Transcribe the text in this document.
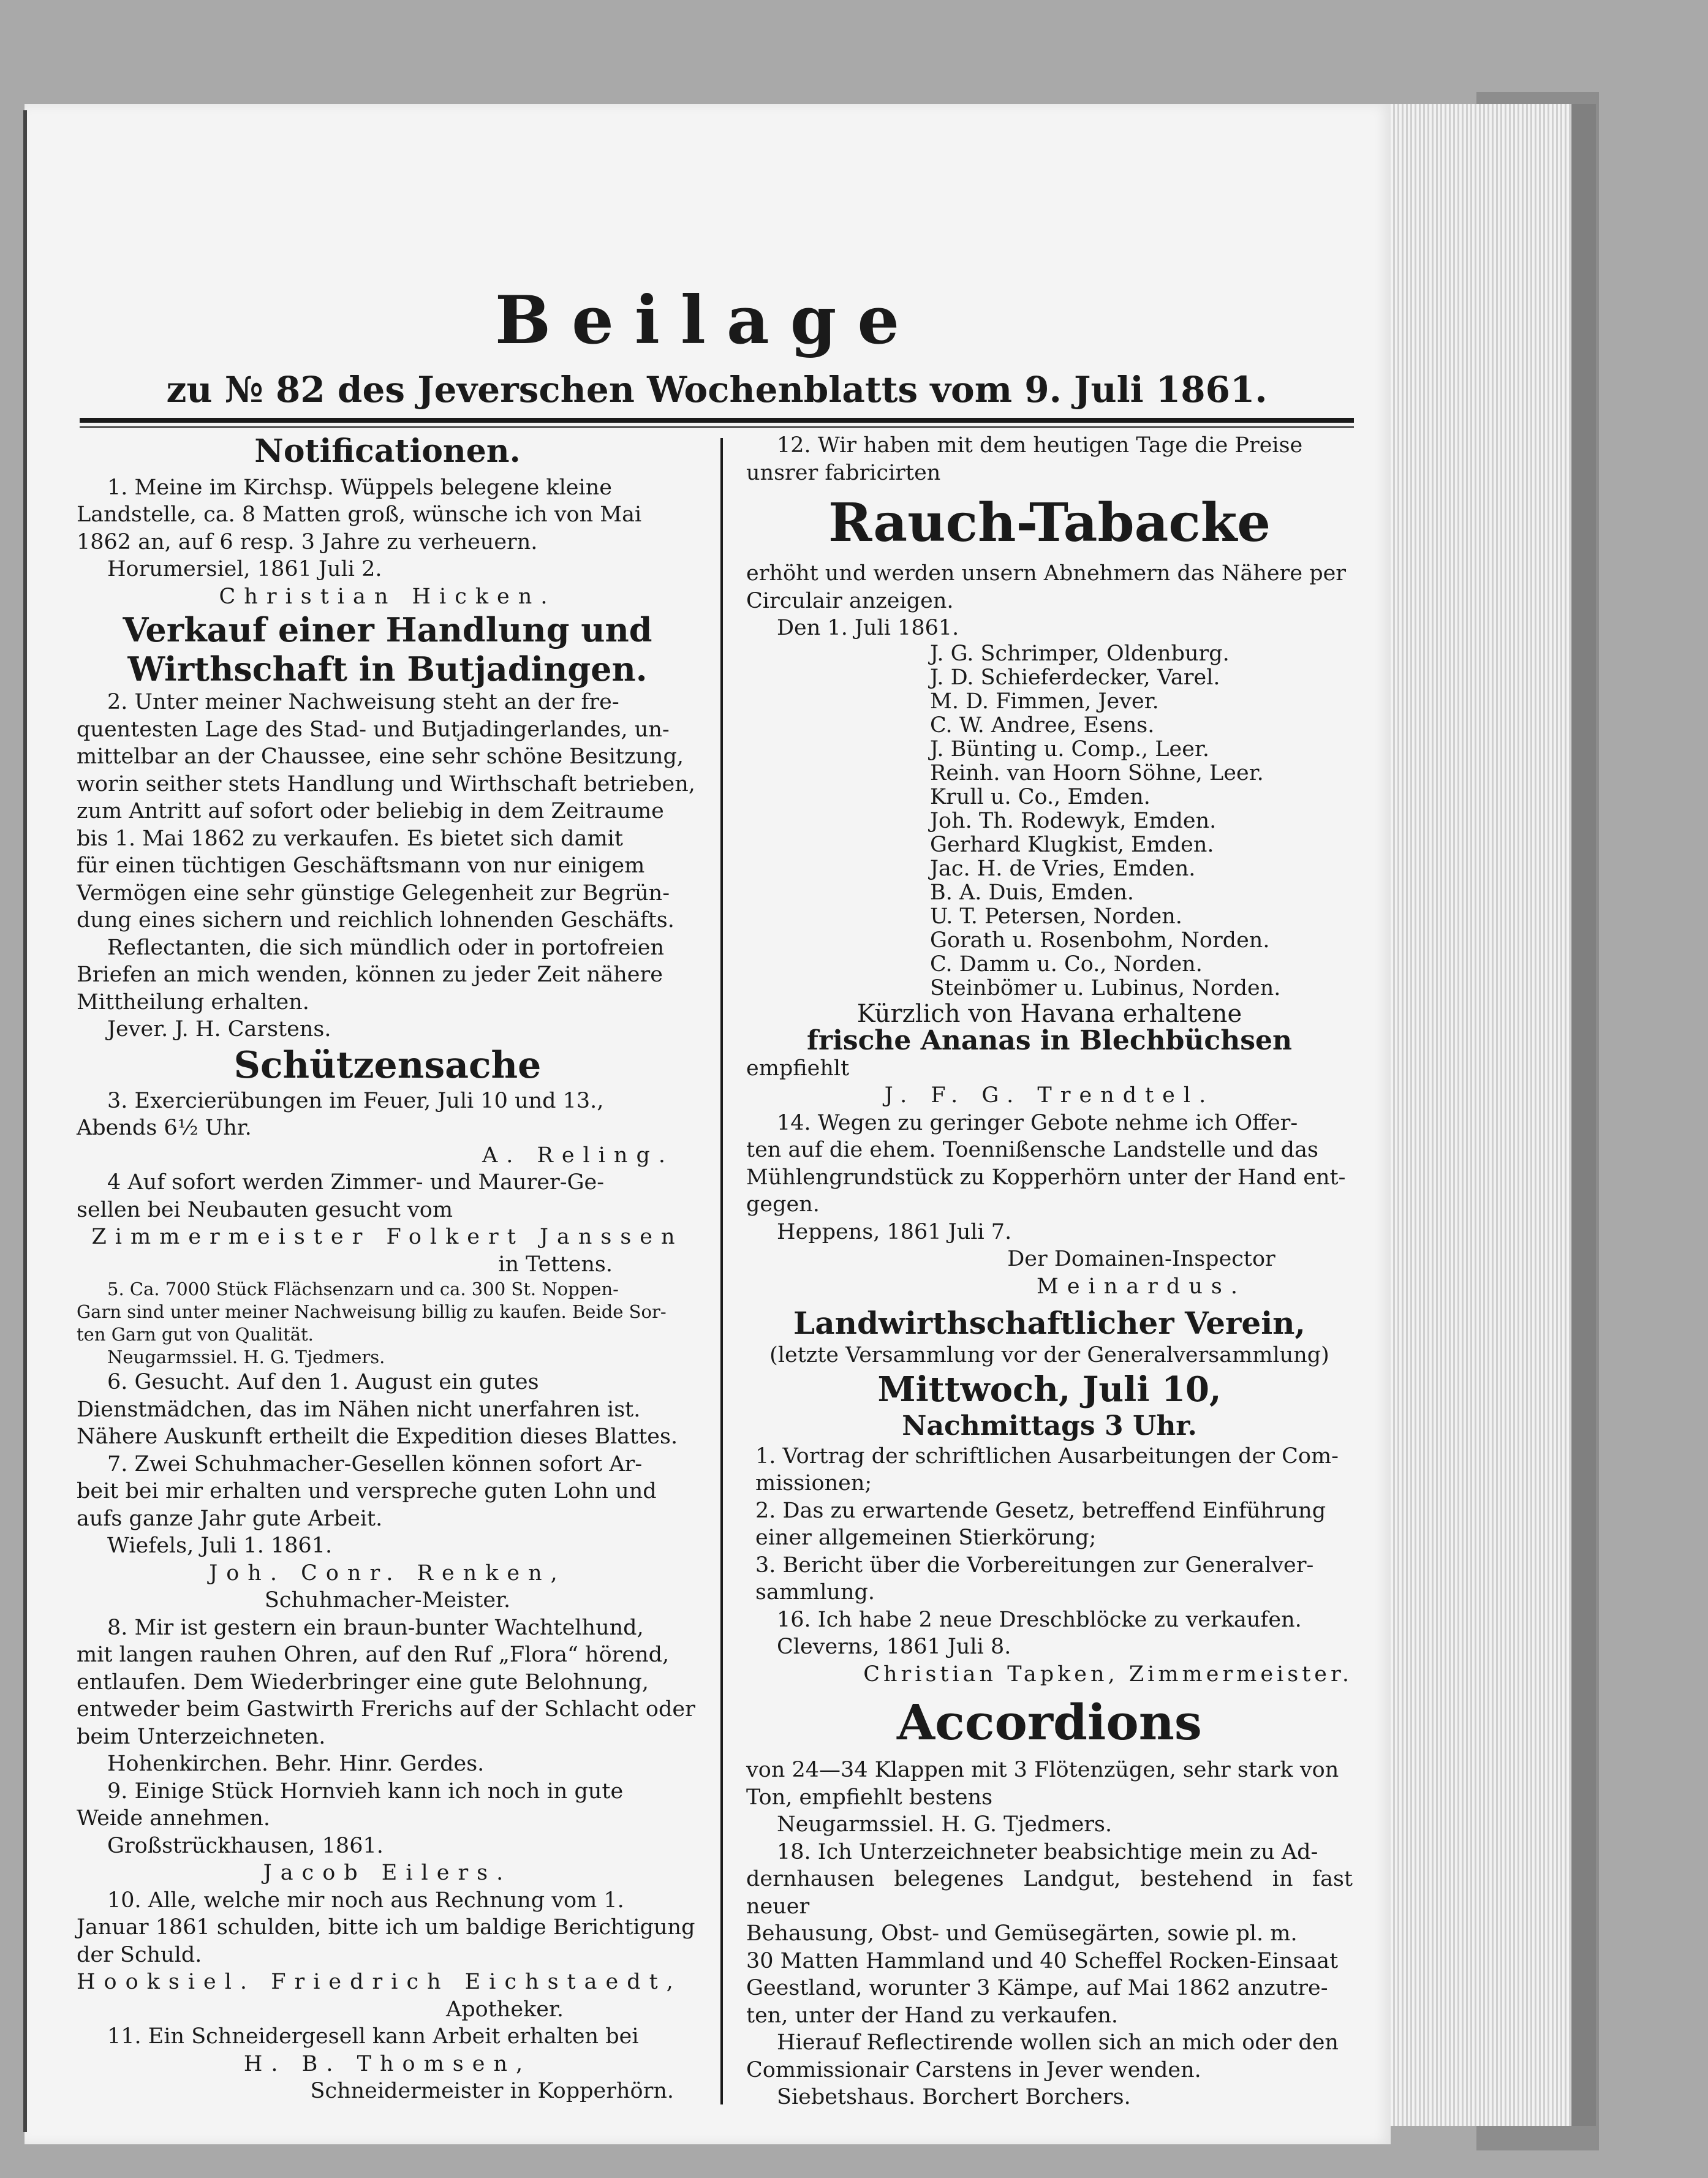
Beilage
zu № 82 des Jeverschen Wochenblatts vom 9. Juli 1861.

Notificationen.

1. Meine im Kirchsp. Wüppels belegene kleine

Landstelle, ca. 8 Matten groß, wünsche ich von Mai

1862 an, auf 6 resp. 3 Jahre zu verheuern.

Horumersiel, 1861 Juli 2.

Christian Hicken.

Verkauf einer Handlung und

Wirthschaft in Butjadingen.

2. Unter meiner Nachweisung steht an der fre-

quentesten Lage des Stad- und Butjadingerlandes, un-

mittelbar an der Chaussee, eine sehr schöne Besitzung,

worin seither stets Handlung und Wirthschaft betrieben,

zum Antritt auf sofort oder beliebig in dem Zeitraume

bis 1. Mai 1862 zu verkaufen. Es bietet sich damit

für einen tüchtigen Geschäftsmann von nur einigem

Vermögen eine sehr günstige Gelegenheit zur Begrün-

dung eines sichern und reichlich lohnenden Geschäfts.

Reflectanten, die sich mündlich oder in portofreien

Briefen an mich wenden, können zu jeder Zeit nähere

Mittheilung erhalten.

Jever. J. H. Carstens.

Schützensache

3. Exercierübungen im Feuer, Juli 10 und 13.,

Abends 6½ Uhr.

A. Reling.

4 Auf sofort werden Zimmer- und Maurer-Ge-

sellen bei Neubauten gesucht vom

Zimmermeister Folkert Janssen

in Tettens.

5. Ca. 7000 Stück Flächsenzarn und ca. 300 St. Noppen-

Garn sind unter meiner Nachweisung billig zu kaufen. Beide Sor-

ten Garn gut von Qualität.

Neugarmssiel. H. G. Tjedmers.

6. Gesucht. Auf den 1. August ein gutes

Dienstmädchen, das im Nähen nicht unerfahren ist.

Nähere Auskunft ertheilt die Expedition dieses Blattes.

7. Zwei Schuhmacher-Gesellen können sofort Ar-

beit bei mir erhalten und verspreche guten Lohn und

aufs ganze Jahr gute Arbeit.

Wiefels, Juli 1. 1861.

Joh. Conr. Renken,

Schuhmacher-Meister.

8. Mir ist gestern ein braun-bunter Wachtelhund,

mit langen rauhen Ohren, auf den Ruf „Flora“ hörend,

entlaufen. Dem Wiederbringer eine gute Belohnung,

entweder beim Gastwirth Frerichs auf der Schlacht oder

beim Unterzeichneten.

Hohenkirchen. Behr. Hinr. Gerdes.

9. Einige Stück Hornvieh kann ich noch in gute

Weide annehmen.

Großstrückhausen, 1861.

Jacob Eilers.

10. Alle, welche mir noch aus Rechnung vom 1.

Januar 1861 schulden, bitte ich um baldige Berichtigung

der Schuld.

Hooksiel. Friedrich Eichstaedt,

Apotheker.

11. Ein Schneidergesell kann Arbeit erhalten bei

H. B. Thomsen,

Schneidermeister in Kopperhörn.

12. Wir haben mit dem heutigen Tage die Preise

unsrer fabricirten

Rauch-Tabacke

erhöht und werden unsern Abnehmern das Nähere per

Circulair anzeigen.

Den 1. Juli 1861.

J. G. Schrimper, Oldenburg.

J. D. Schieferdecker, Varel.

M. D. Fimmen, Jever.

C. W. Andree, Esens.

J. Bünting u. Comp., Leer.

Reinh. van Hoorn Söhne, Leer.

Krull u. Co., Emden.

Joh. Th. Rodewyk, Emden.

Gerhard Klugkist, Emden.

Jac. H. de Vries, Emden.

B. A. Duis, Emden.

U. T. Petersen, Norden.

Gorath u. Rosenbohm, Norden.

C. Damm u. Co., Norden.

Steinbömer u. Lubinus, Norden.

Kürzlich von Havana erhaltene

frische Ananas in Blechbüchsen

empfiehlt

J. F. G. Trendtel.

14. Wegen zu geringer Gebote nehme ich Offer-

ten auf die ehem. Toennißensche Landstelle und das

Mühlengrundstück zu Kopperhörn unter der Hand ent-

gegen.

Heppens, 1861 Juli 7.

Der Domainen-Inspector

Meinardus.

Landwirthschaftlicher Verein,

(letzte Versammlung vor der Generalversammlung)

Mittwoch, Juli 10,

Nachmittags 3 Uhr.

1. Vortrag der schriftlichen Ausarbeitungen der Com-

missionen;

2. Das zu erwartende Gesetz, betreffend Einführung

einer allgemeinen Stierkörung;

3. Bericht über die Vorbereitungen zur Generalver-

sammlung.

16. Ich habe 2 neue Dreschblöcke zu verkaufen.

Cleverns, 1861 Juli 8.

Christian Tapken, Zimmermeister.

Accordions

von 24—34 Klappen mit 3 Flötenzügen, sehr stark von

Ton, empfiehlt bestens

Neugarmssiel. H. G. Tjedmers.

18. Ich Unterzeichneter beabsichtige mein zu Ad-

dernhausen belegenes Landgut, bestehend in fast neuer

Behausung, Obst- und Gemüsegärten, sowie pl. m.

30 Matten Hammland und 40 Scheffel Rocken-Einsaat

Geestland, worunter 3 Kämpe, auf Mai 1862 anzutre-

ten, unter der Hand zu verkaufen.

Hierauf Reflectirende wollen sich an mich oder den

Commissionair Carstens in Jever wenden.

Siebetshaus. Borchert Borchers.
